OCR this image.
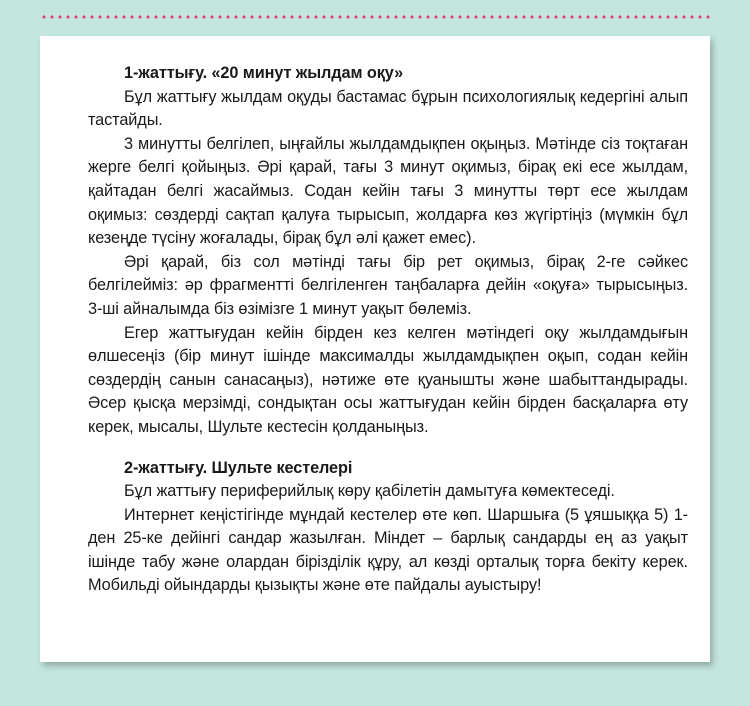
1-жаттығу. «20 минут жылдам оқу»

Бұл жаттығу жылдам оқуды бастамас бұрын психологиялық кедергіні алып тастайды.

3 минутты белгілеп, ыңғайлы жылдамдықпен оқыңыз. Мәтінде сіз тоқтаған жерге белгі қойыңыз. Әрі қарай, тағы 3 минут оқимыз, бірақ екі есе жылдам, қайтадан белгі жасаймыз. Содан кейін тағы 3 минутты төрт есе жылдам оқимыз: сөздерді сақтап қалуға тырысып, жолдарға көз жүгіртіңіз (мүмкін бұл кезеңде түсіну жоғалады, бірақ бұл әлі қажет емес).

Әрі қарай, біз сол мәтінді тағы бір рет оқимыз, бірақ 2-ге сәйкес белгілейміз: әр фрагментті белгіленген таңбаларға дейін «оқуға» тырысыңыз. 3-ші айналымда біз өзімізге 1 минут уақыт бөлеміз.

Егер жаттығудан кейін бірден кез келген мәтіндегі оқу жылдамдығын өлшесеңіз (бір минут ішінде максималды жылдамдықпен оқып, содан кейін сөздердің санын санасаңыз), нәтиже өте қуанышты және шабыттандырады. Әсер қысқа мерзімді, сондықтан осы жаттығудан кейін бірден басқаларға өту керек, мысалы, Шульте кестесін қолданыңыз.

2-жаттығу. Шульте кестелері

Бұл жаттығу периферийлық көру қабілетін дамытуға көмектеседі.

Интернет кеңістігінде мұндай кестелер өте көп. Шаршыға (5 ұяшыққа 5) 1-ден 25-ке дейінгі сандар жазылған. Міндет – барлық сандарды ең аз уақыт ішінде табу және олардан бірізділік құру, ал көзді орталық торға бекіту керек. Мобильді ойындарды қызықты және өте пайдалы ауыстыру!
